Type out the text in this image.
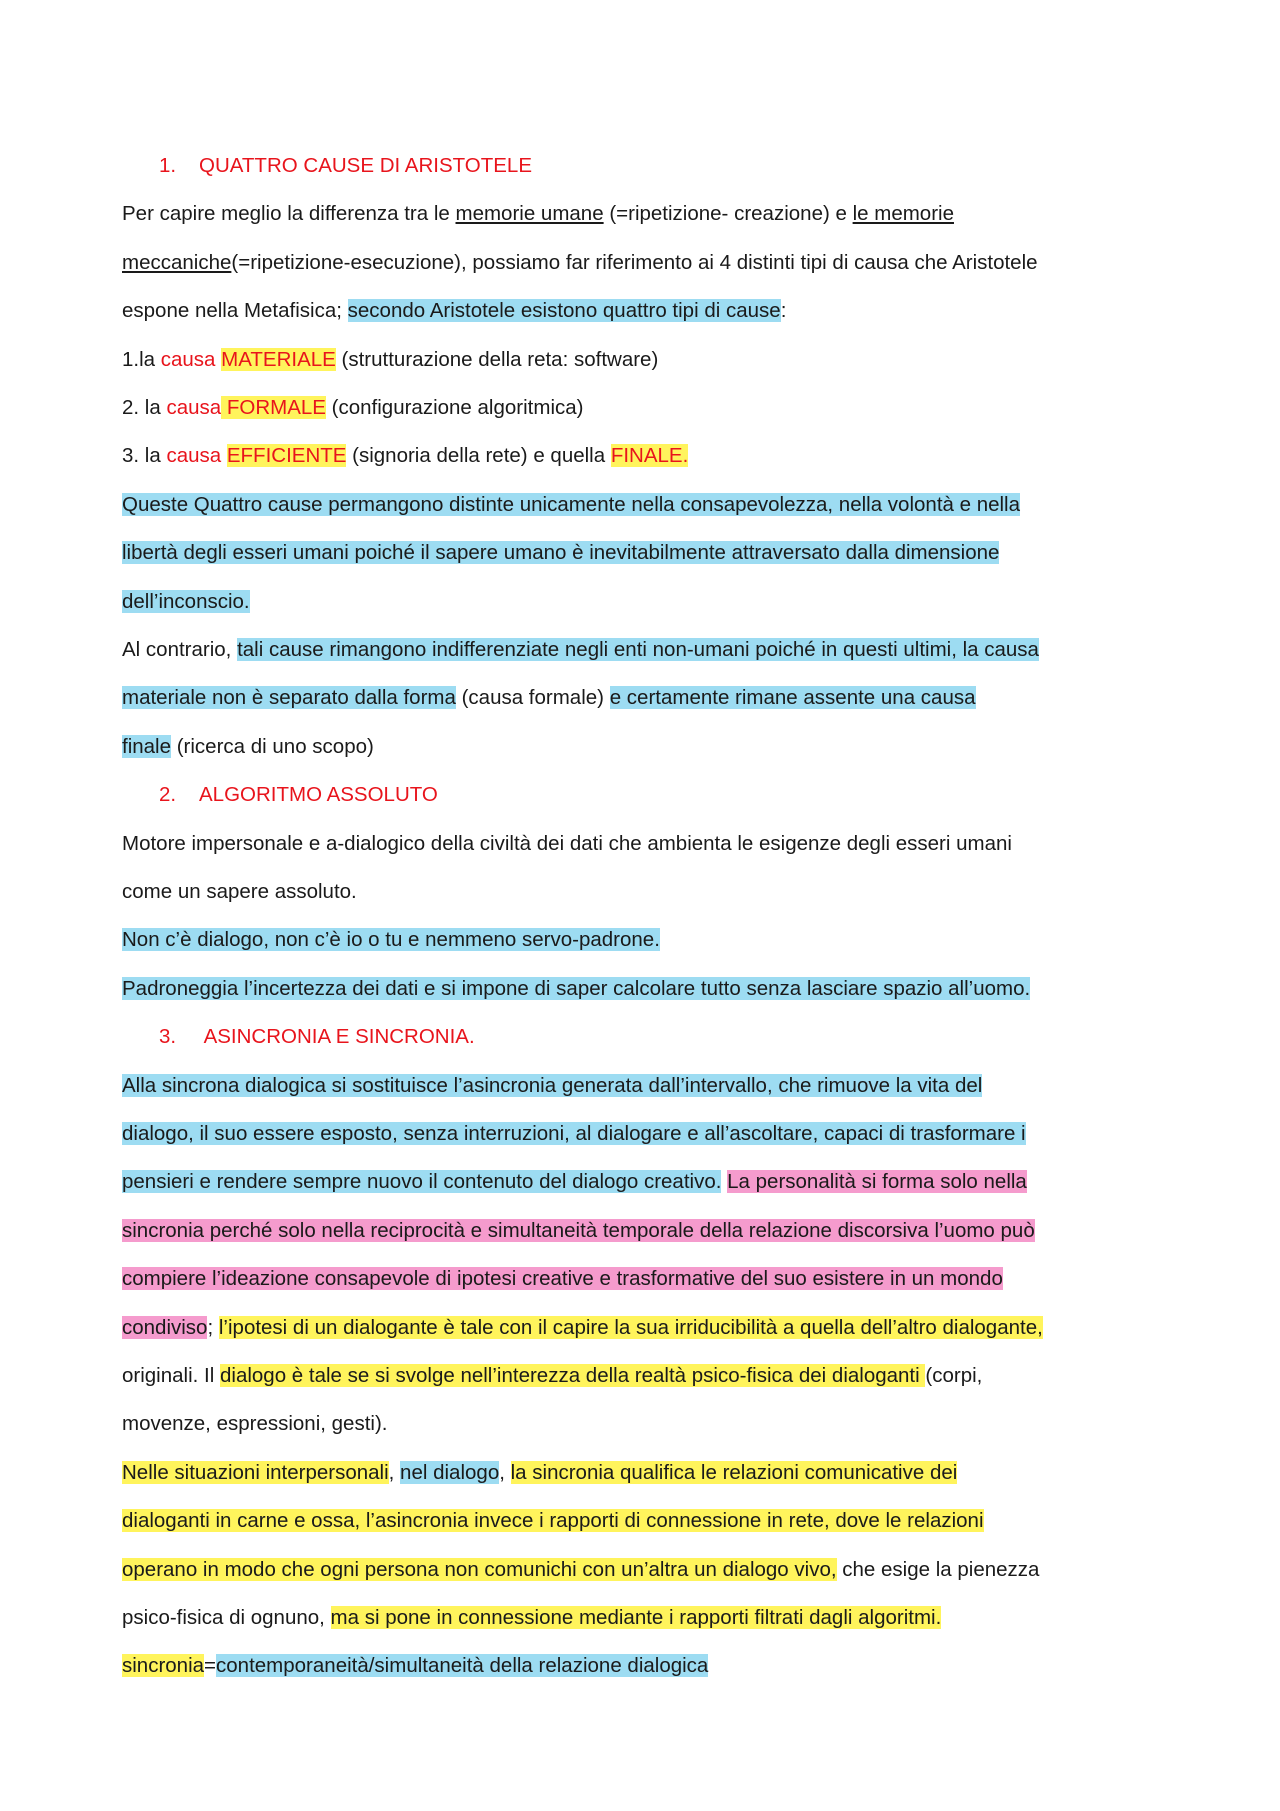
1. QUATTRO CAUSE DI ARISTOTELE
Per capire meglio la differenza tra le memorie umane (=ripetizione- creazione) e le memorie
meccaniche(=ripetizione-esecuzione), possiamo far riferimento ai 4 distinti tipi di causa che Aristotele
espone nella Metafisica; secondo Aristotele esistono quattro tipi di cause:
1.la causa MATERIALE (strutturazione della reta: software)
2. la causa FORMALE (configurazione algoritmica)
3. la causa EFFICIENTE (signoria della rete) e quella FINALE.
Queste Quattro cause permangono distinte unicamente nella consapevolezza, nella volontà e nella
libertà degli esseri umani poiché il sapere umano è inevitabilmente attraversato dalla dimensione
dell’inconscio.
Al contrario, tali cause rimangono indifferenziate negli enti non-umani poiché in questi ultimi, la causa
materiale non è separato dalla forma (causa formale) e certamente rimane assente una causa
finale (ricerca di uno scopo)
2. ALGORITMO ASSOLUTO
Motore impersonale e a-dialogico della civiltà dei dati che ambienta le esigenze degli esseri umani
come un sapere assoluto.
Non c’è dialogo, non c’è io o tu e nemmeno servo-padrone.
Padroneggia l’incertezza dei dati e si impone di saper calcolare tutto senza lasciare spazio all’uomo.
3. ASINCRONIA E SINCRONIA.
Alla sincrona dialogica si sostituisce l’asincronia generata dall’intervallo, che rimuove la vita del
dialogo, il suo essere esposto, senza interruzioni, al dialogare e all’ascoltare, capaci di trasformare i
pensieri e rendere sempre nuovo il contenuto del dialogo creativo. La personalità si forma solo nella
sincronia perché solo nella reciprocità e simultaneità temporale della relazione discorsiva l’uomo può
compiere l’ideazione consapevole di ipotesi creative e trasformative del suo esistere in un mondo
condiviso; l’ipotesi di un dialogante è tale con il capire la sua irriducibilità a quella dell’altro dialogante,
originali. Il dialogo è tale se si svolge nell’interezza della realtà psico-fisica dei dialoganti (corpi,
movenze, espressioni, gesti).
Nelle situazioni interpersonali, nel dialogo, la sincronia qualifica le relazioni comunicative dei
dialoganti in carne e ossa, l’asincronia invece i rapporti di connessione in rete, dove le relazioni
operano in modo che ogni persona non comunichi con un’altra un dialogo vivo, che esige la pienezza
psico-fisica di ognuno, ma si pone in connessione mediante i rapporti filtrati dagli algoritmi.
sincronia=contemporaneità/simultaneità della relazione dialogica
